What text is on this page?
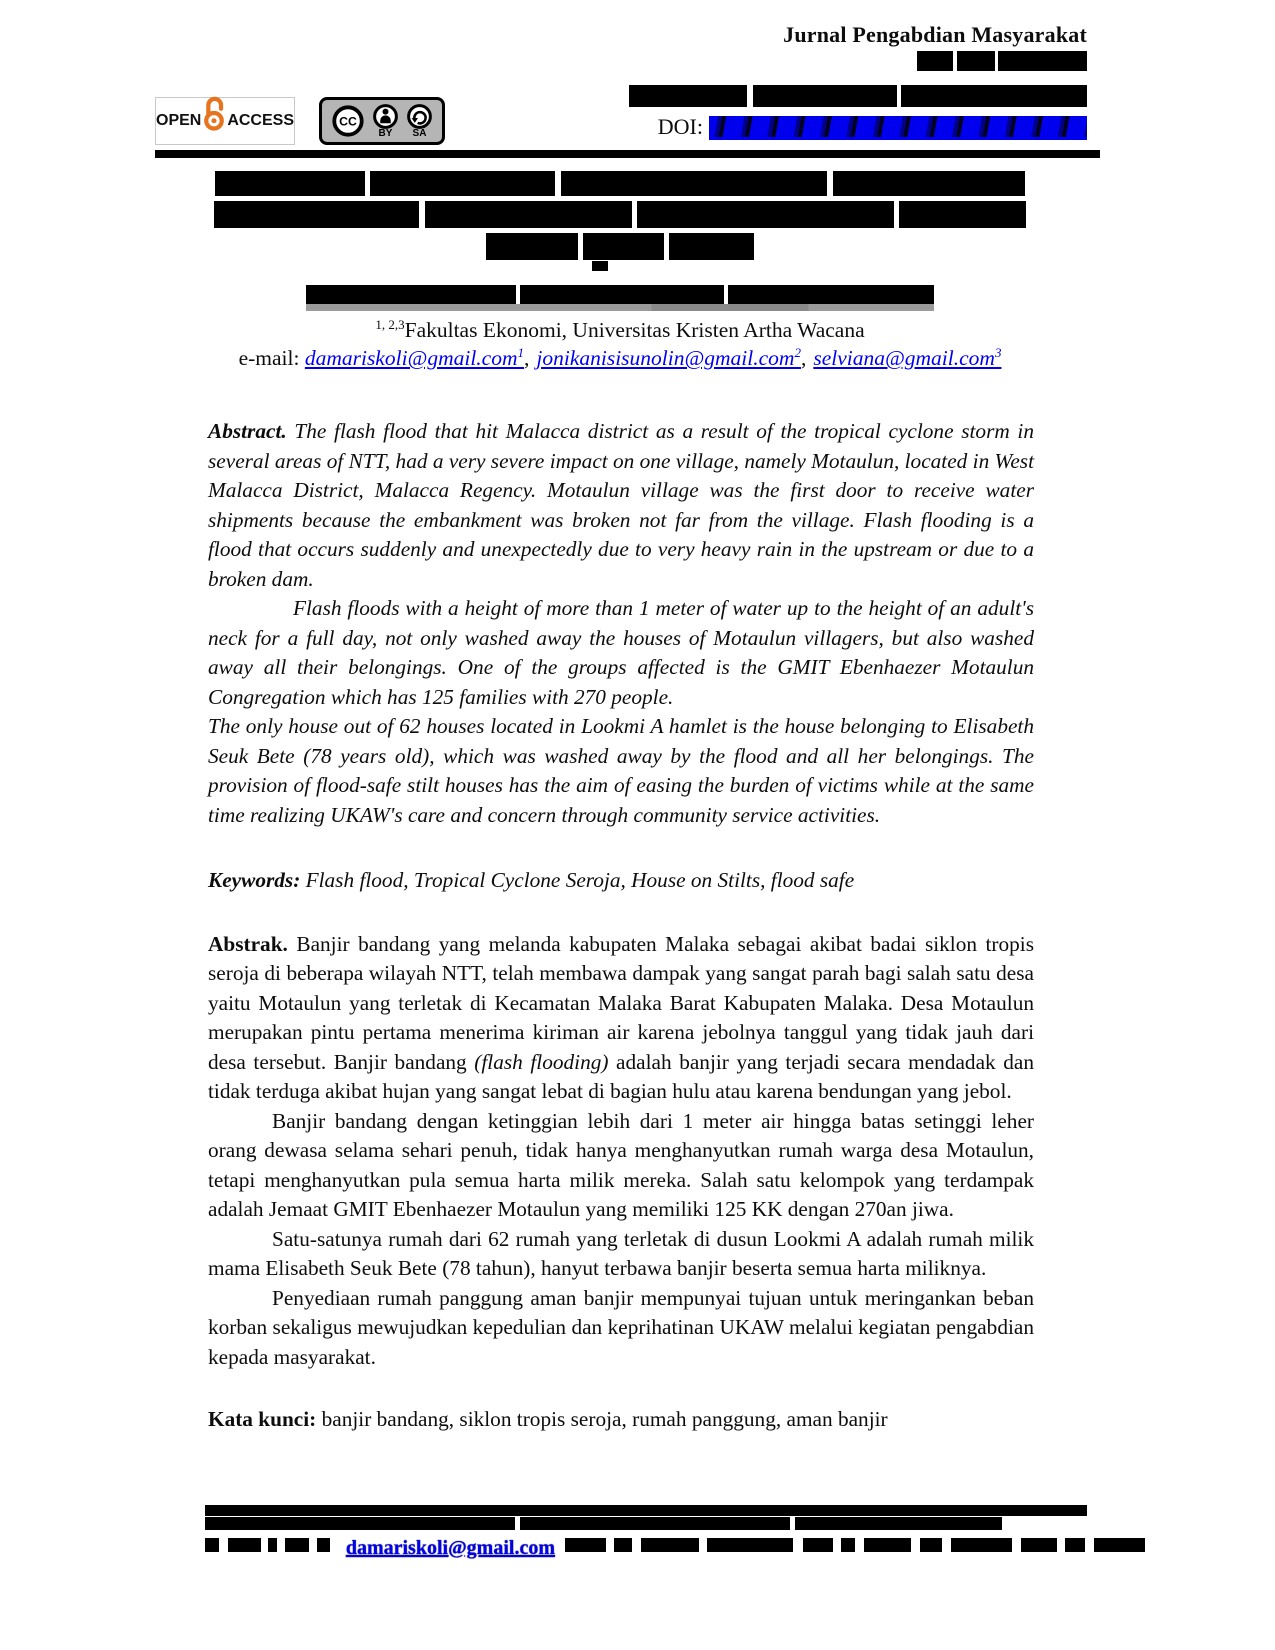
Jurnal Pengabdian Masyarakat
DOI:
OPEN ACCESS	CC
BY SA
$^{1, 2,3}$Fakultas Ekonomi, Universitas Kristen Artha Wacana
e-mail: damariskoli@gmail.com$^1$, jonikanisisunolin@gmail.com$^2$, selviana@gmail.com$^3$

Abstract. The flash flood that hit Malacca district as a result of the tropical cyclone storm in several areas of NTT, had a very severe impact on one village, namely Motaulun, located in West Malacca District, Malacca Regency. Motaulun village was the first door to receive water shipments because the embankment was broken not far from the village. Flash flooding is a flood that occurs suddenly and unexpectedly due to very heavy rain in the upstream or due to a broken dam.

Flash floods with a height of more than 1 meter of water up to the height of an adult's neck for a full day, not only washed away the houses of Motaulun villagers, but also washed away all their belongings. One of the groups affected is the GMIT Ebenhaezer Motaulun Congregation which has 125 families with 270 people.

The only house out of 62 houses located in Lookmi A hamlet is the house belonging to Elisabeth Seuk Bete (78 years old), which was washed away by the flood and all her belongings. The provision of flood-safe stilt houses has the aim of easing the burden of victims while at the same time realizing UKAW's care and concern through community service activities.

Keywords: Flash flood, Tropical Cyclone Seroja, House on Stilts, flood safe

Abstrak. Banjir bandang yang melanda kabupaten Malaka sebagai akibat badai siklon tropis seroja di beberapa wilayah NTT, telah membawa dampak yang sangat parah bagi salah satu desa yaitu Motaulun yang terletak di Kecamatan Malaka Barat Kabupaten Malaka. Desa Motaulun merupakan pintu pertama menerima kiriman air karena jebolnya tanggul yang tidak jauh dari desa tersebut. Banjir bandang (flash flooding) adalah banjir yang terjadi secara mendadak dan tidak terduga akibat hujan yang sangat lebat di bagian hulu atau karena bendungan yang jebol.

Banjir bandang dengan ketinggian lebih dari 1 meter air hingga batas setinggi leher orang dewasa selama sehari penuh, tidak hanya menghanyutkan rumah warga desa Motaulun, tetapi menghanyutkan pula semua harta milik mereka. Salah satu kelompok yang terdampak adalah Jemaat GMIT Ebenhaezer Motaulun yang memiliki 125 KK dengan 270an jiwa.

Satu-satunya rumah dari 62 rumah yang terletak di dusun Lookmi A adalah rumah milik mama Elisabeth Seuk Bete (78 tahun), hanyut terbawa banjir beserta semua harta miliknya.

Penyediaan rumah panggung aman banjir mempunyai tujuan untuk meringankan beban korban sekaligus mewujudkan kepedulian dan keprihatinan UKAW melalui kegiatan pengabdian kepada masyarakat.

Kata kunci: banjir bandang, siklon tropis seroja, rumah panggung, aman banjir

damariskoli@gmail.com
